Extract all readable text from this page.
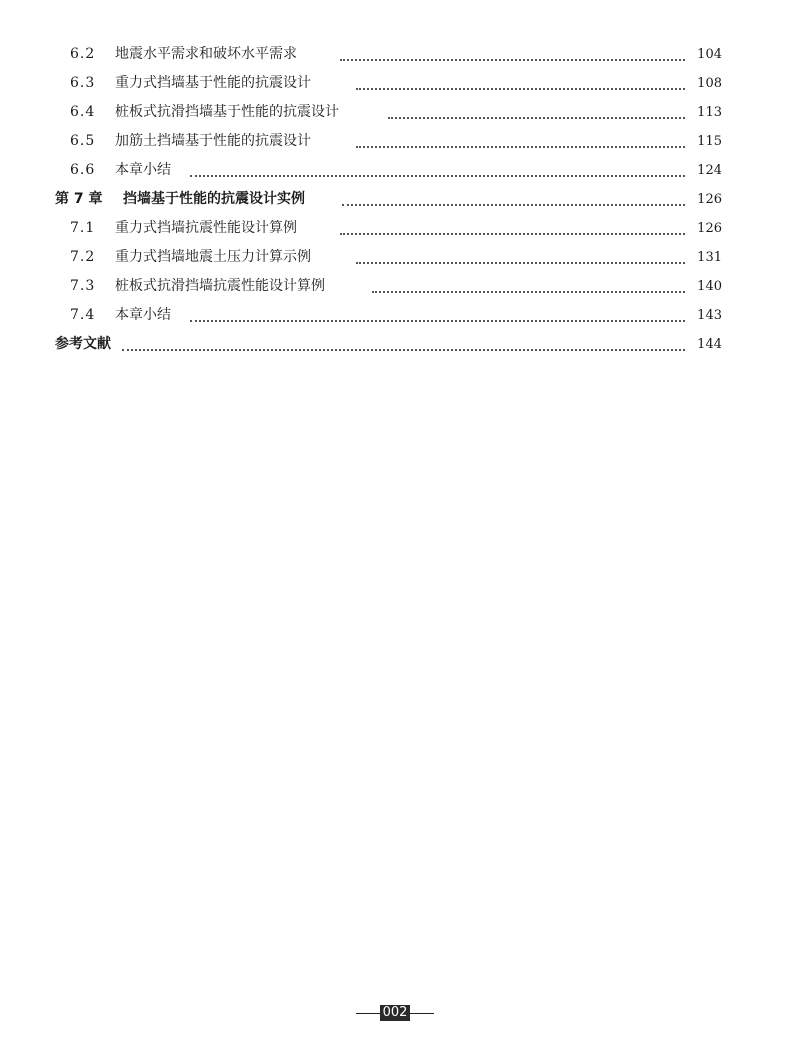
6.2	地震水平需求和破坏水平需求	104
6.3	重力式挡墙基于性能的抗震设计	108
6.4	桩板式抗滑挡墙基于性能的抗震设计	113
6.5	加筋土挡墙基于性能的抗震设计	115
6.6	本章小结	124
第 7 章 挡墙基于性能的抗震设计实例	126
7.1	重力式挡墙抗震性能设计算例	126
7.2	重力式挡墙地震土压力计算示例	131
7.3	桩板式抗滑挡墙抗震性能设计算例	140
7.4	本章小结	143
参考文献	144
002
